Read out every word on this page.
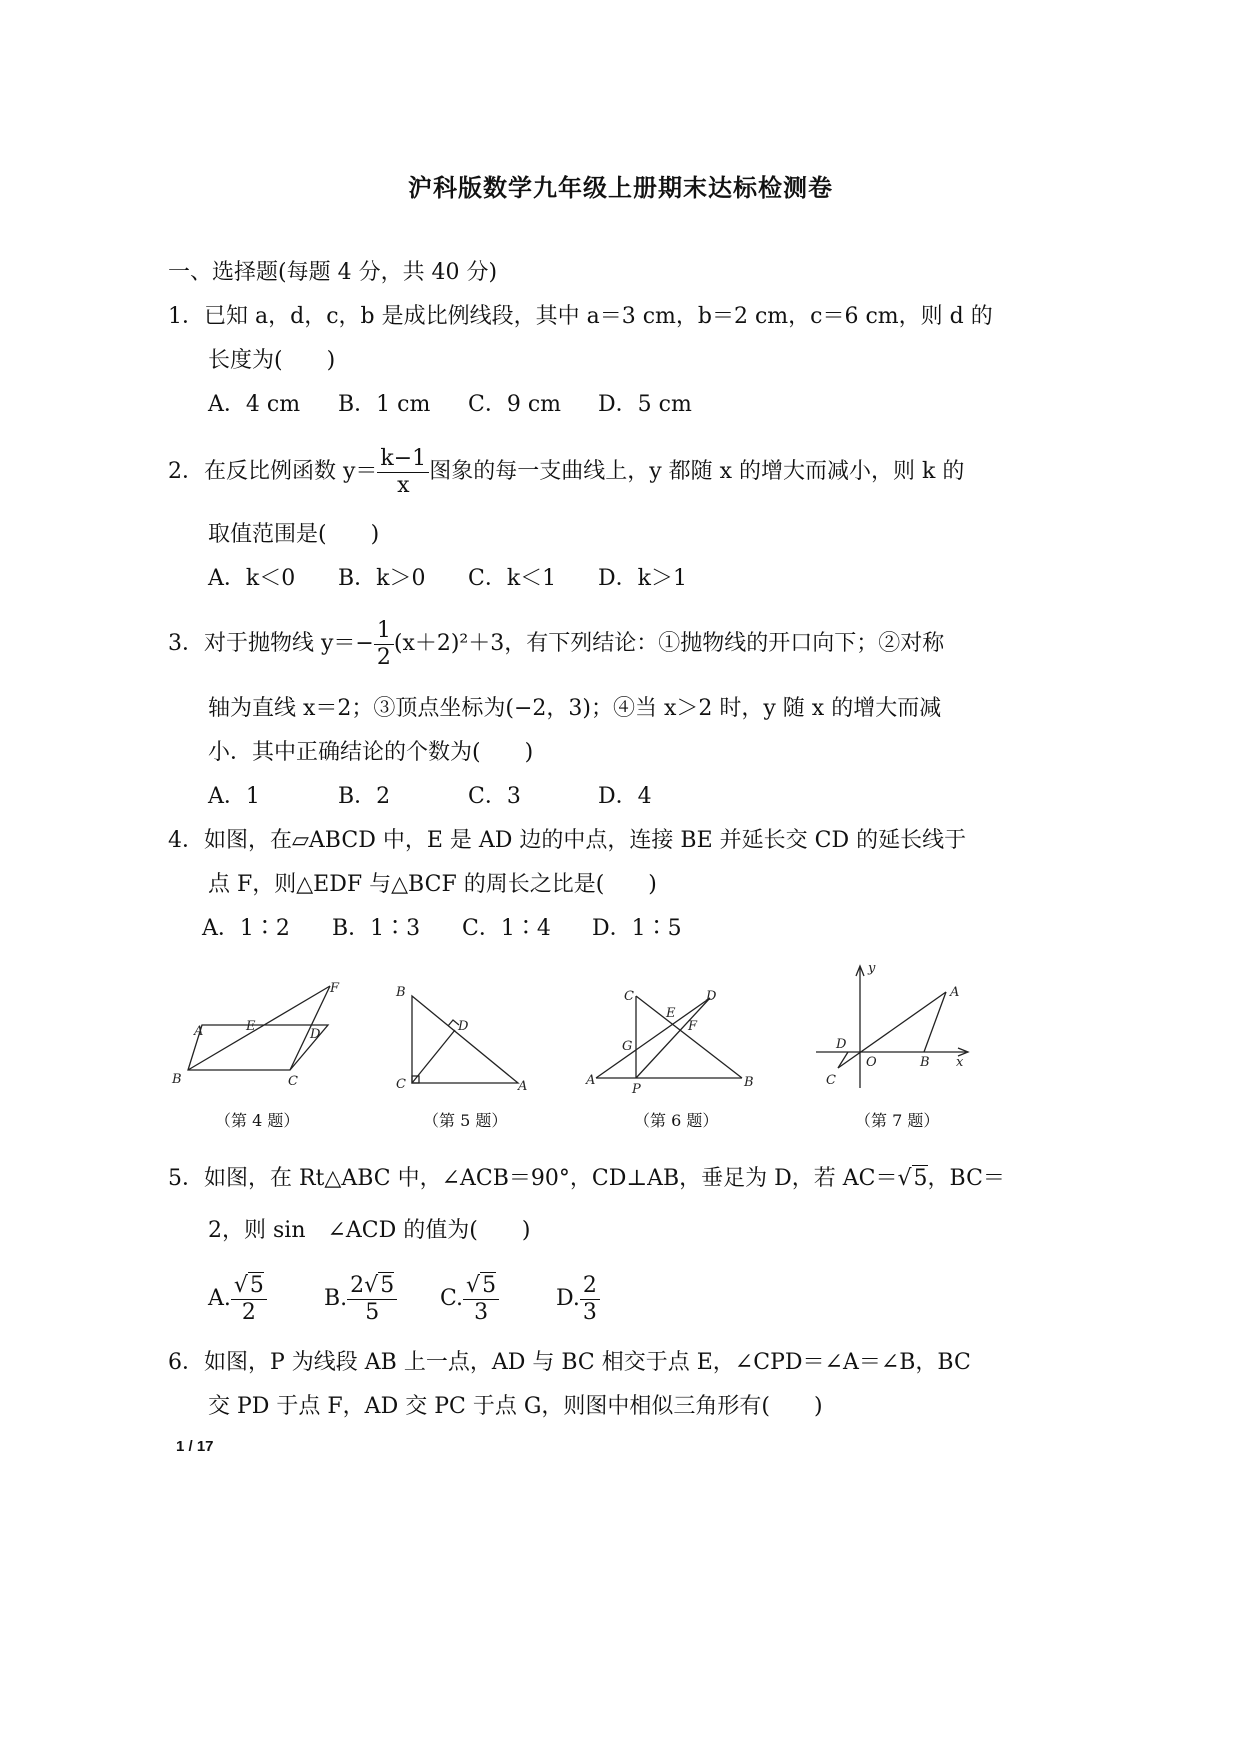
沪科版数学九年级上册期末达标检测卷
一、选择题(每题 4 分，共 40 分)
1．已知 a，d，c，b 是成比例线段，其中 a＝3 cm，b＝2 cm，c＝6 cm，则 d 的
长度为(　　)
A．4 cm B．1 cm C．9 cm D．5 cm
2．在反比例函数 $y= \frac{k-1}{x}$ 图象的每一支曲线上，y 都随 x 的增大而减小，则 k 的
取值范围是(　　)
A．k＜0 B．k＞0 C．k＜1 D．k＞1
3．对于抛物线 $y=- \frac{1}{2} (x+2)^2+3$，有下列结论：①抛物线的开口向下；②对称
轴为直线 x＝2；③顶点坐标为(−2，3)；④当 x＞2 时，y 随 x 的增大而减
小．其中正确结论的个数为(　　)
A．1	B．2	C．3	D．4
4．如图，在▱ABCD 中，E 是 AD 边的中点，连接 BE 并延长交 CD 的延长线于
点 F，则△EDF 与△BCF 的周长之比是(　　)
A．1∶2 B．1∶3 C．1∶4 D．1∶5
A	E
D
F
B	C
（第 4 题）
B
D
C	A
（第 5 题）
C
E
D
F
G
A
P	B
（第 6 题）
y
A
D
O	B x
C
（第 7 题）
5．如图，在 Rt△ABC 中，∠ACB＝90°，CD⊥AB，垂足为 D，若 AC＝√5，BC＝
2，则 sin　∠ACD 的值为(　　)
A. $\frac{√5}{2}$	B. $\frac{2√5}{5} C$. $\frac{√5}{3}$	D. $\frac{2}{3}$
6．如图，P 为线段 AB 上一点，AD 与 BC 相交于点 E，∠CPD＝∠A＝∠B，BC
交 PD 于点 F，AD 交 PC 于点 G，则图中相似三角形有(　　)
1 / 17
